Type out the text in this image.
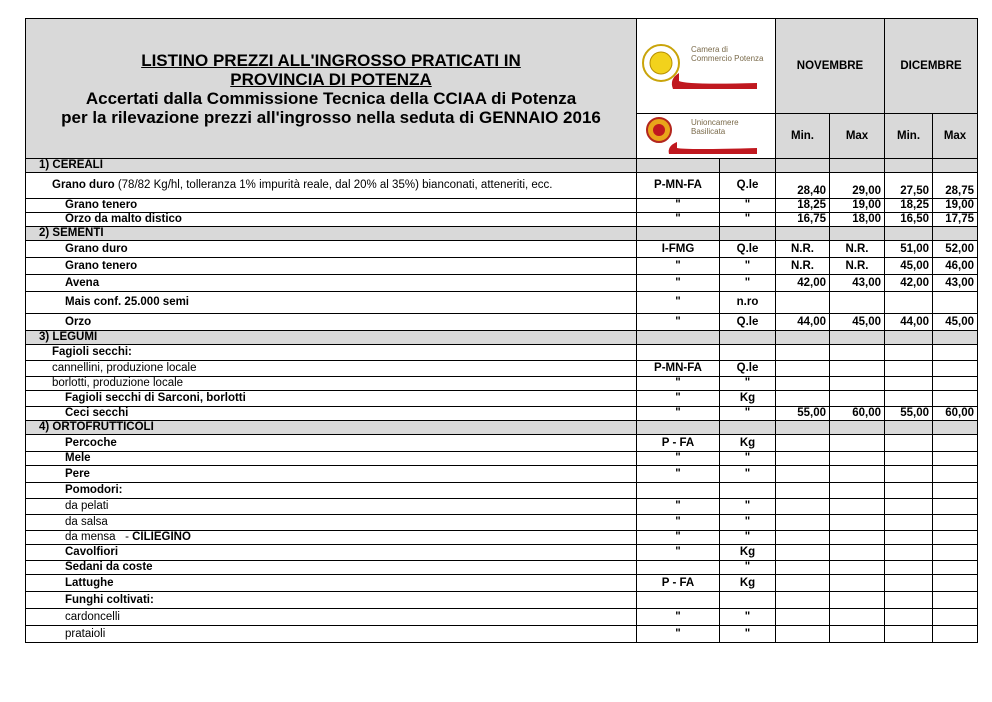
LISTINO PREZZI ALL'INGROSSO PRATICATI IN
PROVINCIA DI POTENZA
Accertati dalla Commissione Tecnica della CCIAA di Potenza
per la rilevazione prezzi all'ingrosso nella seduta di GENNAIO 2016	Camera di Commercio Potenza		NOVEMBRE		DICEMBRE	

	Unioncamere Basilicata		Min.	Max	Min.	Max
1) CEREALI						
Grano duro (78/82 Kg/hl, tolleranza 1% impurità reale, dal 20% al 35%) bianconati, atteneriti, ecc.	P-MN-FA	Q.le	28,40	29,00	27,50	28,75
Grano tenero	"	"	18,25	19,00	18,25	19,00
Orzo da malto distico	"	"	16,75	18,00	16,50	17,75
2) SEMENTI						
Grano duro	I-FMG	Q.le	N.R.	N.R.	51,00	52,00
Grano tenero	"	"	N.R.	N.R.	45,00	46,00
Avena	"	"	42,00	43,00	42,00	43,00
Mais conf. 25.000 semi	"	n.ro				
Orzo	"	Q.le	44,00	45,00	44,00	45,00
3) LEGUMI						
Fagioli secchi:						
cannellini, produzione locale	P-MN-FA	Q.le				
borlotti, produzione locale	"	"				
Fagioli secchi di Sarconi, borlotti	"	Kg				
Ceci secchi	"	"	55,00	60,00	55,00	60,00
4) ORTOFRUTTICOLI						
Percoche	P - FA	Kg				
Mele	"	"				
Pere	"	"				
Pomodori:						
da pelati	"	"				
da salsa	"	"				
da mensa   - CILIEGINO	"	"				
Cavolfiori	"	Kg				
Sedani da coste		"				
Lattughe	P - FA	Kg				
Funghi coltivati:						
cardoncelli	"	"				
prataioli	"	"				
